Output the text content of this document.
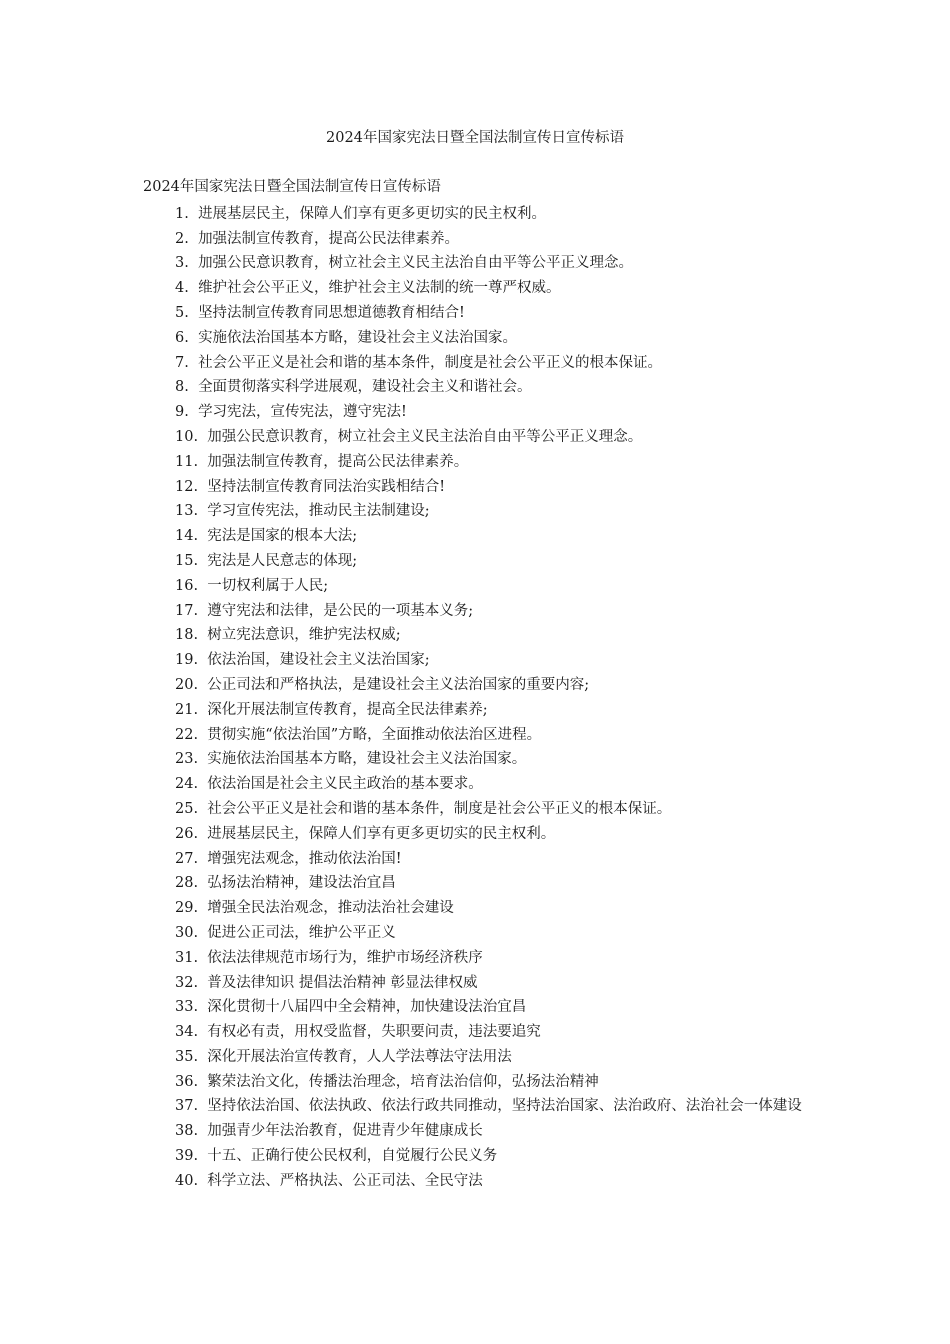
2024年国家宪法日暨全国法制宣传日宣传标语
2024年国家宪法日暨全国法制宣传日宣传标语
1. 进展基层民主，保障人们享有更多更切实的民主权利。
2. 加强法制宣传教育，提高公民法律素养。
3. 加强公民意识教育，树立社会主义民主法治自由平等公平正义理念。
4. 维护社会公平正义，维护社会主义法制的统一尊严权威。
5. 坚持法制宣传教育同思想道德教育相结合!
6. 实施依法治国基本方略，建设社会主义法治国家。
7. 社会公平正义是社会和谐的基本条件，制度是社会公平正义的根本保证。
8. 全面贯彻落实科学进展观，建设社会主义和谐社会。
9. 学习宪法，宣传宪法，遵守宪法!
10. 加强公民意识教育，树立社会主义民主法治自由平等公平正义理念。
11. 加强法制宣传教育，提高公民法律素养。
12. 坚持法制宣传教育同法治实践相结合!
13. 学习宣传宪法，推动民主法制建设;
14. 宪法是国家的根本大法;
15. 宪法是人民意志的体现;
16. 一切权利属于人民;
17. 遵守宪法和法律，是公民的一项基本义务;
18. 树立宪法意识，维护宪法权威;
19. 依法治国，建设社会主义法治国家;
20. 公正司法和严格执法，是建设社会主义法治国家的重要内容;
21. 深化开展法制宣传教育，提高全民法律素养;
22. 贯彻实施“依法治国”方略，全面推动依法治区进程。
23. 实施依法治国基本方略，建设社会主义法治国家。
24. 依法治国是社会主义民主政治的基本要求。
25. 社会公平正义是社会和谐的基本条件，制度是社会公平正义的根本保证。
26. 进展基层民主，保障人们享有更多更切实的民主权利。
27. 增强宪法观念，推动依法治国!
28. 弘扬法治精神，建设法治宜昌
29. 增强全民法治观念，推动法治社会建设
30. 促进公正司法，维护公平正义
31. 依法法律规范市场行为，维护市场经济秩序
32. 普及法律知识 提倡法治精神 彰显法律权威
33. 深化贯彻十八届四中全会精神，加快建设法治宜昌
34. 有权必有责，用权受监督，失职要问责，违法要追究
35. 深化开展法治宣传教育，人人学法尊法守法用法
36. 繁荣法治文化，传播法治理念，培育法治信仰，弘扬法治精神
37. 坚持依法治国、依法执政、依法行政共同推动，坚持法治国家、法治政府、法治社会一体建设
38. 加强青少年法治教育，促进青少年健康成长
39. 十五、正确行使公民权利，自觉履行公民义务
40. 科学立法、严格执法、公正司法、全民守法
